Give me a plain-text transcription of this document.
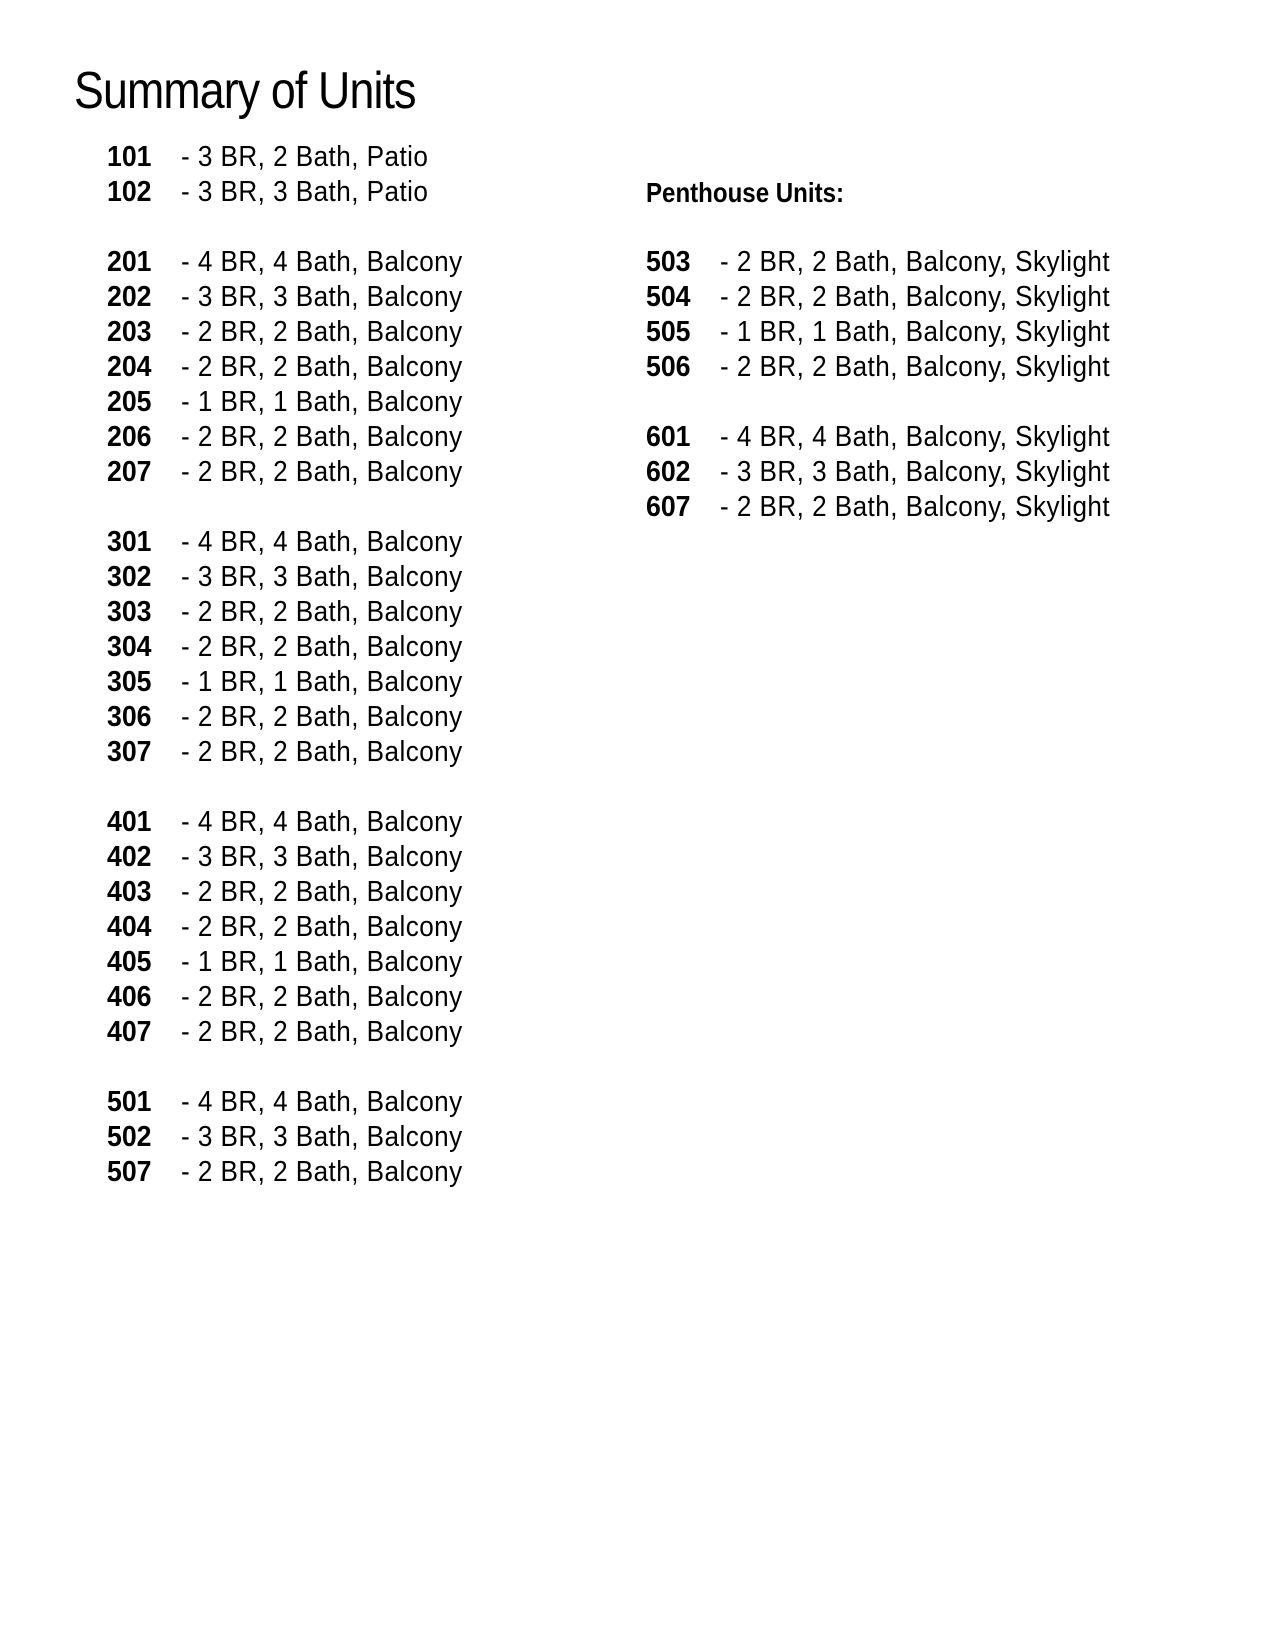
Summary of Units
101 - 3 BR, 2 Bath, Patio
102 - 3 BR, 3 Bath, Patio
201 - 4 BR, 4 Bath, Balcony
202 - 3 BR, 3 Bath, Balcony
203 - 2 BR, 2 Bath, Balcony
204 - 2 BR, 2 Bath, Balcony
205 - 1 BR, 1 Bath, Balcony
206 - 2 BR, 2 Bath, Balcony
207 - 2 BR, 2 Bath, Balcony
301 - 4 BR, 4 Bath, Balcony
302 - 3 BR, 3 Bath, Balcony
303 - 2 BR, 2 Bath, Balcony
304 - 2 BR, 2 Bath, Balcony
305 - 1 BR, 1 Bath, Balcony
306 - 2 BR, 2 Bath, Balcony
307 - 2 BR, 2 Bath, Balcony
401 - 4 BR, 4 Bath, Balcony
402 - 3 BR, 3 Bath, Balcony
403 - 2 BR, 2 Bath, Balcony
404 - 2 BR, 2 Bath, Balcony
405 - 1 BR, 1 Bath, Balcony
406 - 2 BR, 2 Bath, Balcony
407 - 2 BR, 2 Bath, Balcony
501 - 4 BR, 4 Bath, Balcony
502 - 3 BR, 3 Bath, Balcony
507 - 2 BR, 2 Bath, Balcony
Penthouse Units:
503 - 2 BR, 2 Bath, Balcony, Skylight
504 - 2 BR, 2 Bath, Balcony, Skylight
505 - 1 BR, 1 Bath, Balcony, Skylight
506 - 2 BR, 2 Bath, Balcony, Skylight
601 - 4 BR, 4 Bath, Balcony, Skylight
602 - 3 BR, 3 Bath, Balcony, Skylight
607 - 2 BR, 2 Bath, Balcony, Skylight
